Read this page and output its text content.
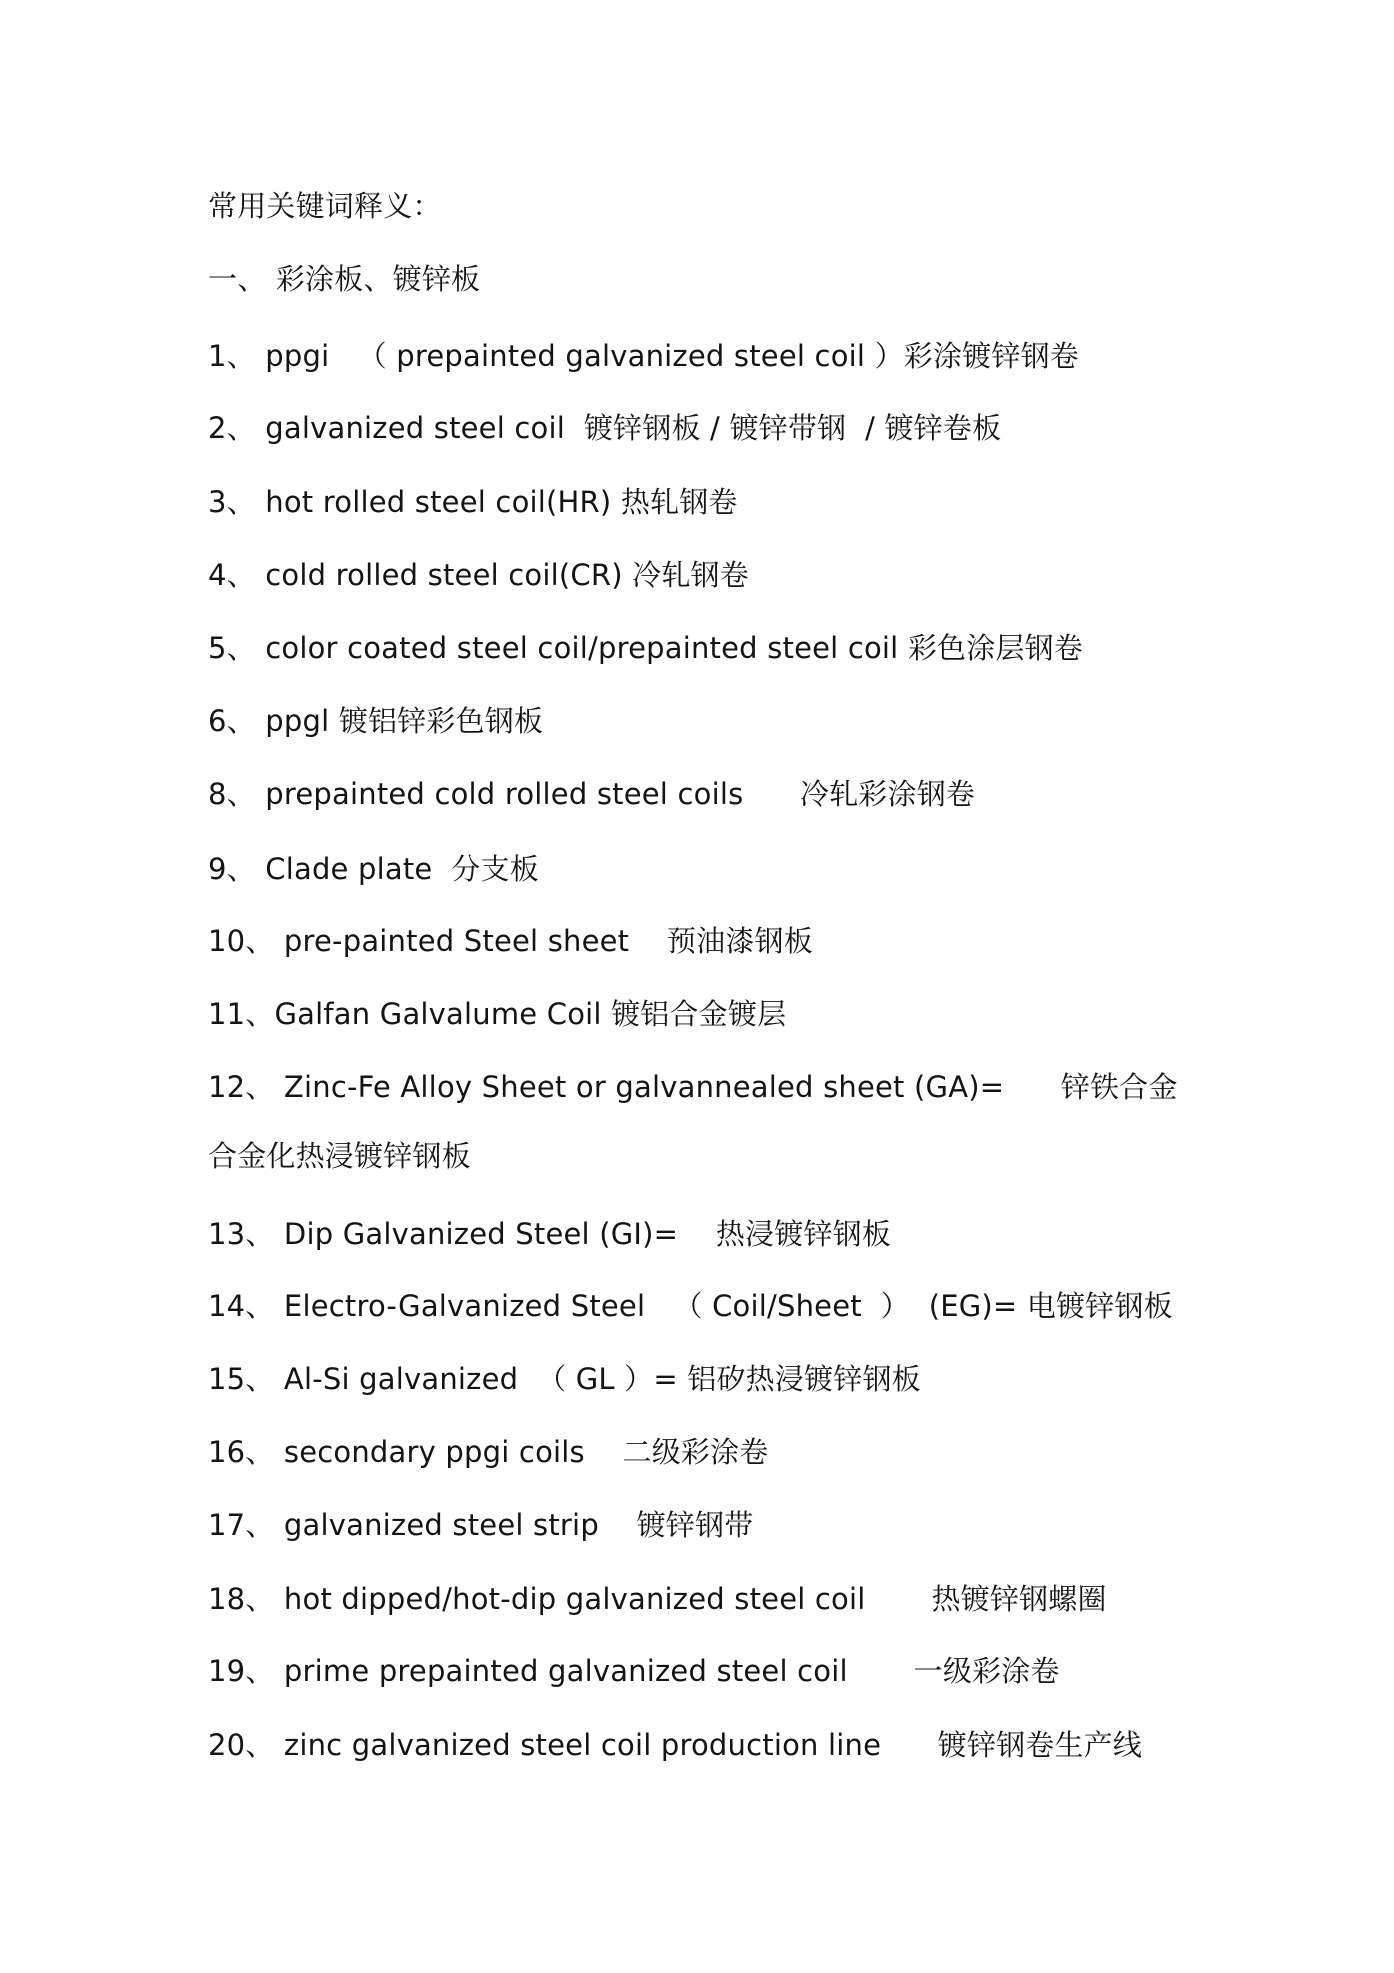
常用关键词释义：
一、 彩涂板、镀锌板
1、 ppgi   （ prepainted galvanized steel coil ）彩涂镀锌钢卷
2、 galvanized steel coil  镀锌钢板 / 镀锌带钢  / 镀锌卷板
3、 hot rolled steel coil(HR) 热轧钢卷
4、 cold rolled steel coil(CR) 冷轧钢卷
5、 color coated steel coil/prepainted steel coil 彩色涂层钢卷
6、 ppgl 镀铝锌彩色钢板
8、 prepainted cold rolled steel coils      冷轧彩涂钢卷
9、 Clade plate  分支板
10、 pre-painted Steel sheet    预油漆钢板
11、Galfan Galvalume Coil 镀铝合金镀层
12、 Zinc-Fe Alloy Sheet or galvannealed sheet (GA)=      锌铁合金
合金化热浸镀锌钢板
13、 Dip Galvanized Steel (GI)=    热浸镀锌钢板
14、 Electro-Galvanized Steel   （ Coil/Sheet  ）  (EG)= 电镀锌钢板
15、 Al-Si galvanized  （ GL ）= 铝矽热浸镀锌钢板
16、 secondary ppgi coils    二级彩涂卷
17、 galvanized steel strip    镀锌钢带
18、 hot dipped/hot-dip galvanized steel coil       热镀锌钢螺圈
19、 prime prepainted galvanized steel coil       一级彩涂卷
20、 zinc galvanized steel coil production line      镀锌钢卷生产线
